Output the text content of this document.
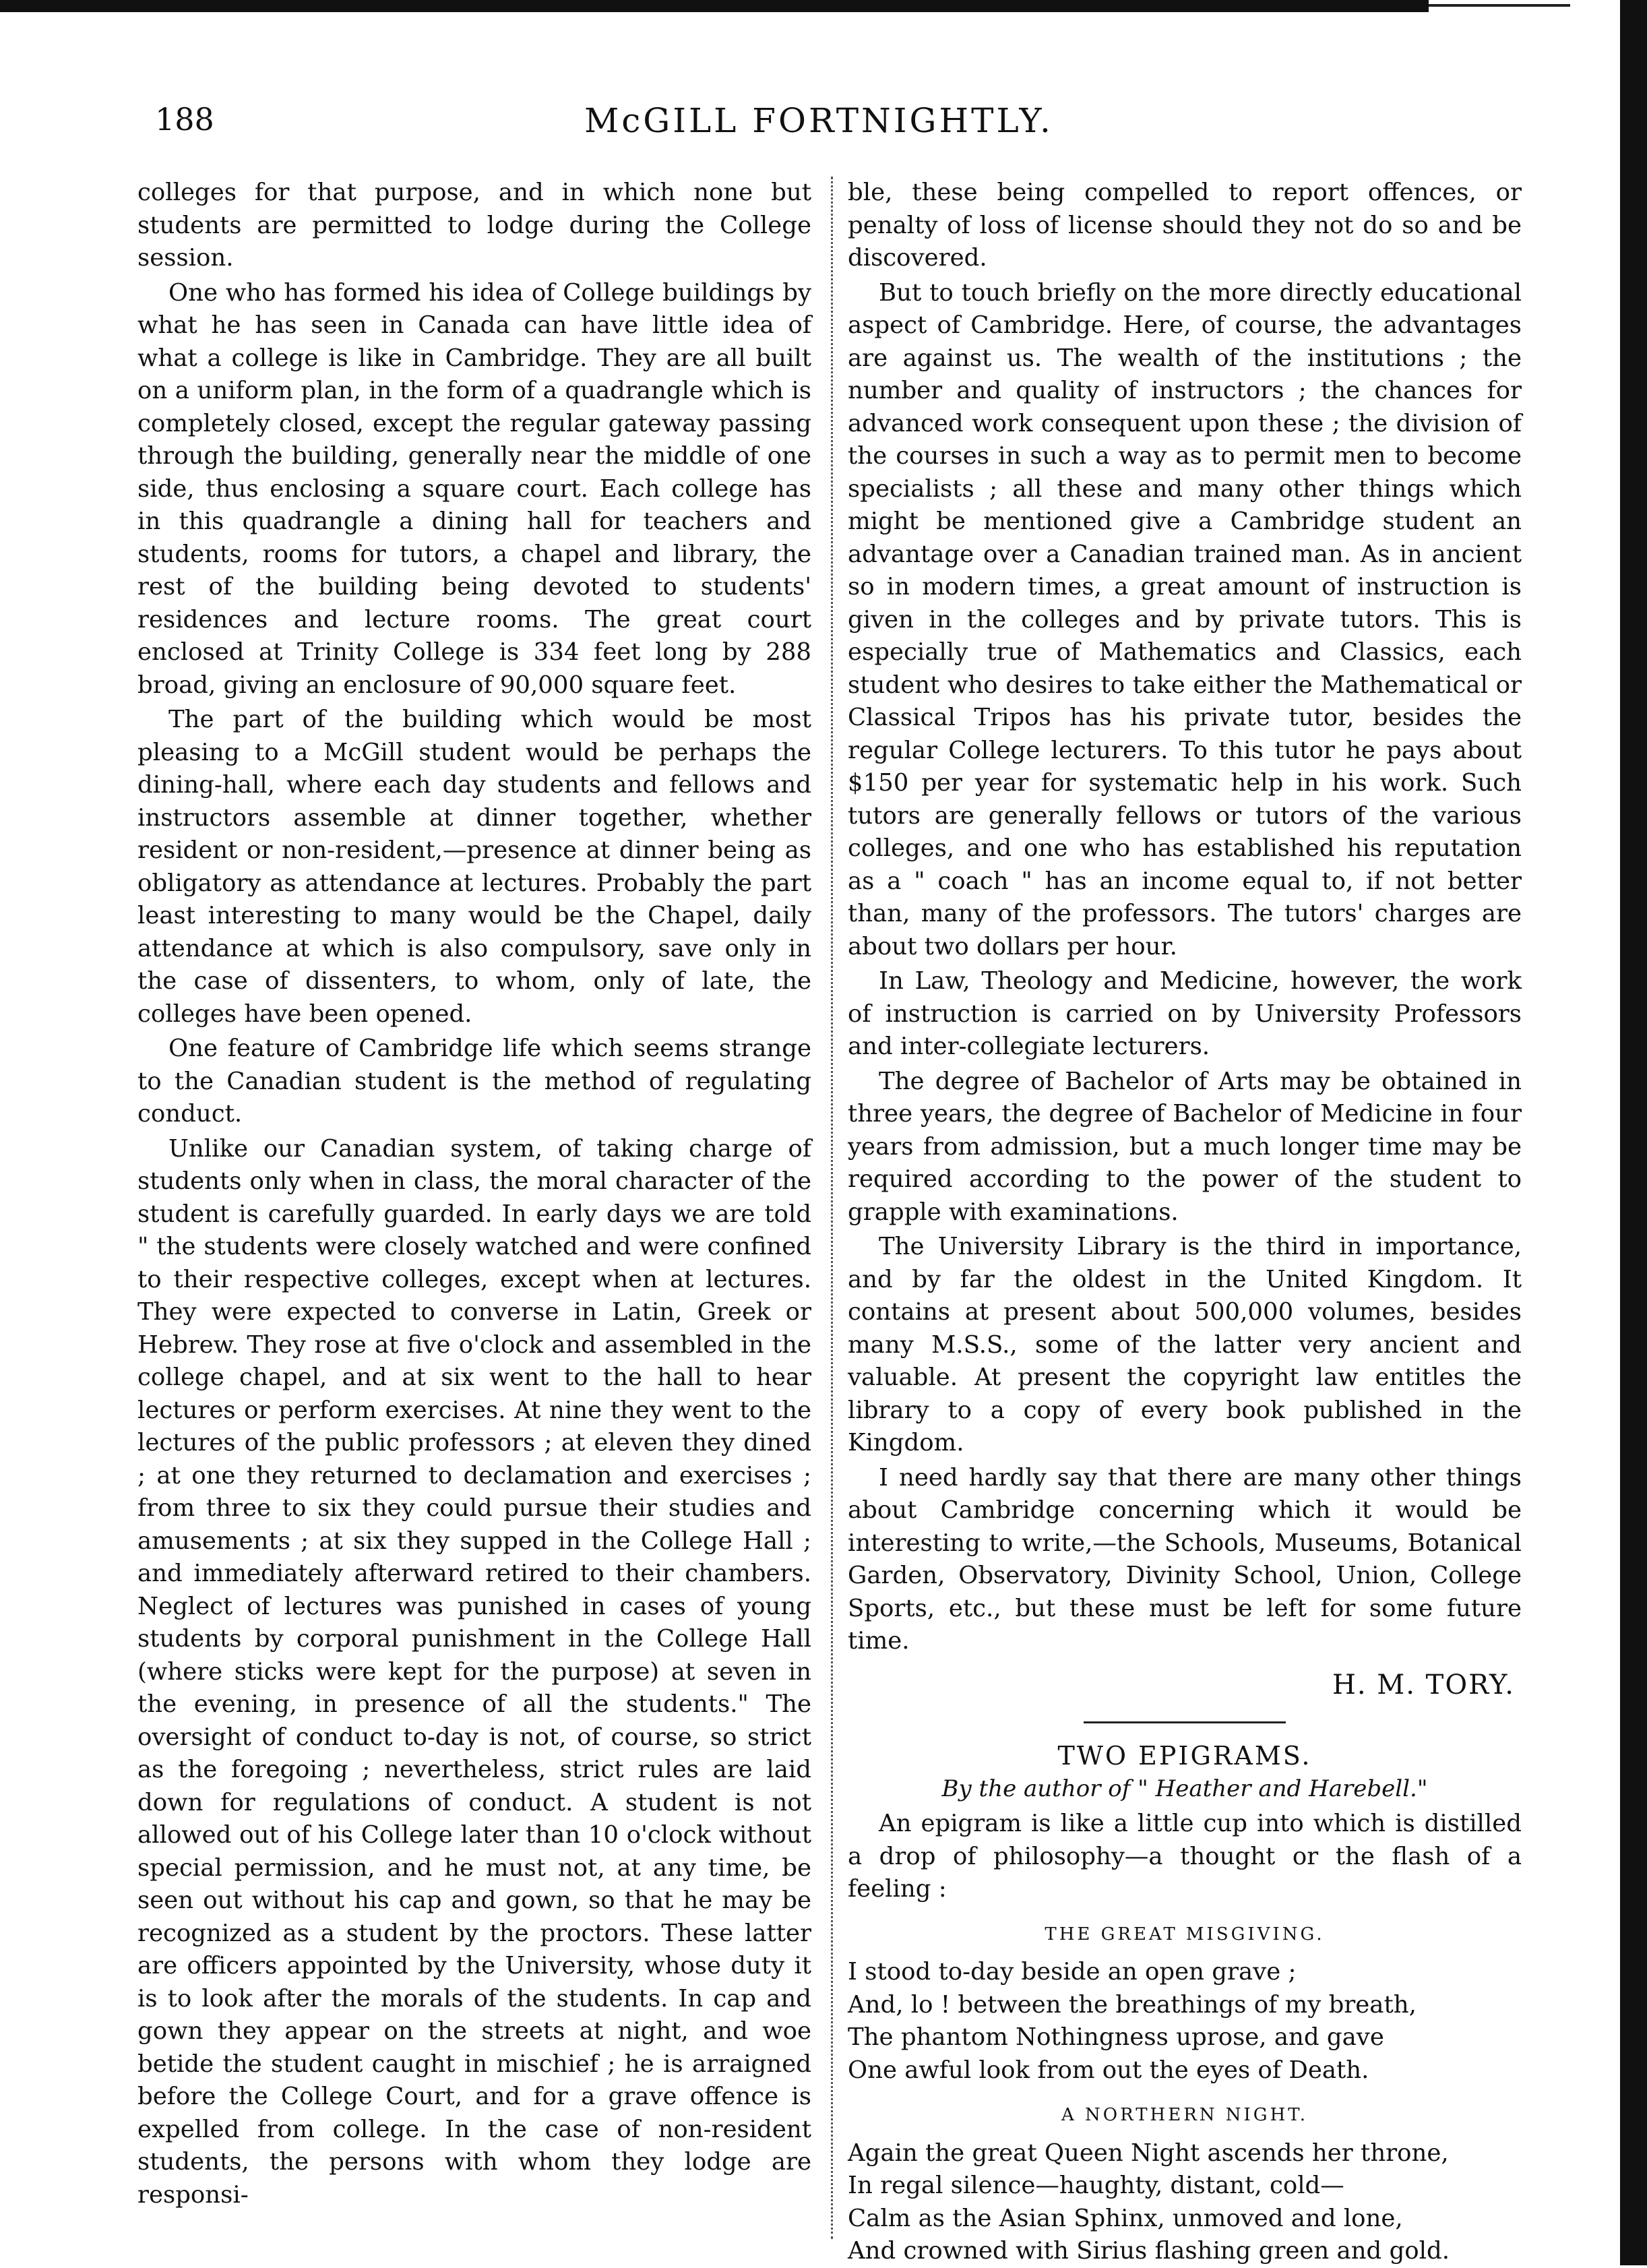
188	McGILL FORTNIGHTLY.

colleges for that purpose, and in which none but students are permitted to lodge during the College session.

One who has formed his idea of College buildings by what he has seen in Canada can have little idea of what a college is like in Cambridge. They are all built on a uniform plan, in the form of a quadrangle which is completely closed, except the regular gateway passing through the building, generally near the middle of one side, thus enclosing a square court. Each college has in this quadrangle a dining hall for teachers and students, rooms for tutors, a chapel and library, the rest of the building being devoted to students' residences and lecture rooms. The great court enclosed at Trinity College is 334 feet long by 288 broad, giving an enclosure of 90,000 square feet.

The part of the building which would be most pleasing to a McGill student would be perhaps the dining-hall, where each day students and fellows and instructors assemble at dinner together, whether resident or non-resident,—presence at dinner being as obligatory as attendance at lectures. Probably the part least interesting to many would be the Chapel, daily attendance at which is also compulsory, save only in the case of dissenters, to whom, only of late, the colleges have been opened.

One feature of Cambridge life which seems strange to the Canadian student is the method of regulating conduct.

Unlike our Canadian system, of taking charge of students only when in class, the moral character of the student is carefully guarded. In early days we are told " the students were closely watched and were confined to their respective colleges, except when at lectures. They were expected to converse in Latin, Greek or Hebrew. They rose at five o'clock and assembled in the college chapel, and at six went to the hall to hear lectures or perform exercises. At nine they went to the lectures of the public professors ; at eleven they dined ; at one they returned to declamation and exercises ; from three to six they could pursue their studies and amusements ; at six they supped in the College Hall ; and immediately afterward retired to their chambers. Neglect of lectures was punished in cases of young students by corporal punishment in the College Hall (where sticks were kept for the purpose) at seven in the evening, in presence of all the students." The oversight of conduct to-day is not, of course, so strict as the foregoing ; nevertheless, strict rules are laid down for regulations of conduct. A student is not allowed out of his College later than 10 o'clock without special permission, and he must not, at any time, be seen out without his cap and gown, so that he may be recognized as a student by the proctors. These latter are officers appointed by the University, whose duty it is to look after the morals of the students. In cap and gown they appear on the streets at night, and woe betide the student caught in mischief ; he is arraigned before the College Court, and for a grave offence is expelled from college. In the case of non-resident students, the persons with whom they lodge are responsi-

ble, these being compelled to report offences, or penalty of loss of license should they not do so and be discovered.

But to touch briefly on the more directly educational aspect of Cambridge. Here, of course, the advantages are against us. The wealth of the institutions ; the number and quality of instructors ; the chances for advanced work consequent upon these ; the division of the courses in such a way as to permit men to become specialists ; all these and many other things which might be mentioned give a Cambridge student an advantage over a Canadian trained man. As in ancient so in modern times, a great amount of instruction is given in the colleges and by private tutors. This is especially true of Mathematics and Classics, each student who desires to take either the Mathematical or Classical Tripos has his private tutor, besides the regular College lecturers. To this tutor he pays about $150 per year for systematic help in his work. Such tutors are generally fellows or tutors of the various colleges, and one who has established his reputation as a " coach " has an income equal to, if not better than, many of the professors. The tutors' charges are about two dollars per hour.

In Law, Theology and Medicine, however, the work of instruction is carried on by University Professors and inter-collegiate lecturers.

The degree of Bachelor of Arts may be obtained in three years, the degree of Bachelor of Medicine in four years from admission, but a much longer time may be required according to the power of the student to grapple with examinations.

The University Library is the third in importance, and by far the oldest in the United Kingdom. It contains at present about 500,000 volumes, besides many M.S.S., some of the latter very ancient and valuable. At present the copyright law entitles the library to a copy of every book published in the Kingdom.

I need hardly say that there are many other things about Cambridge concerning which it would be interesting to write,—the Schools, Museums, Botanical Garden, Observatory, Divinity School, Union, College Sports, etc., but these must be left for some future time.

H. M. TORY.
TWO EPIGRAMS.
By the author of " Heather and Harebell."

An epigram is like a little cup into which is distilled a drop of philosophy—a thought or the flash of a feeling :

THE GREAT MISGIVING.
I stood to-day beside an open grave ;
And, lo ! between the breathings of my breath,
The phantom Nothingness uprose, and gave
One awful look from out the eyes of Death.
A NORTHERN NIGHT.
Again the great Queen Night ascends her throne,
In regal silence—haughty, distant, cold—
Calm as the Asian Sphinx, unmoved and lone,
And crowned with Sirius flashing green and gold.
